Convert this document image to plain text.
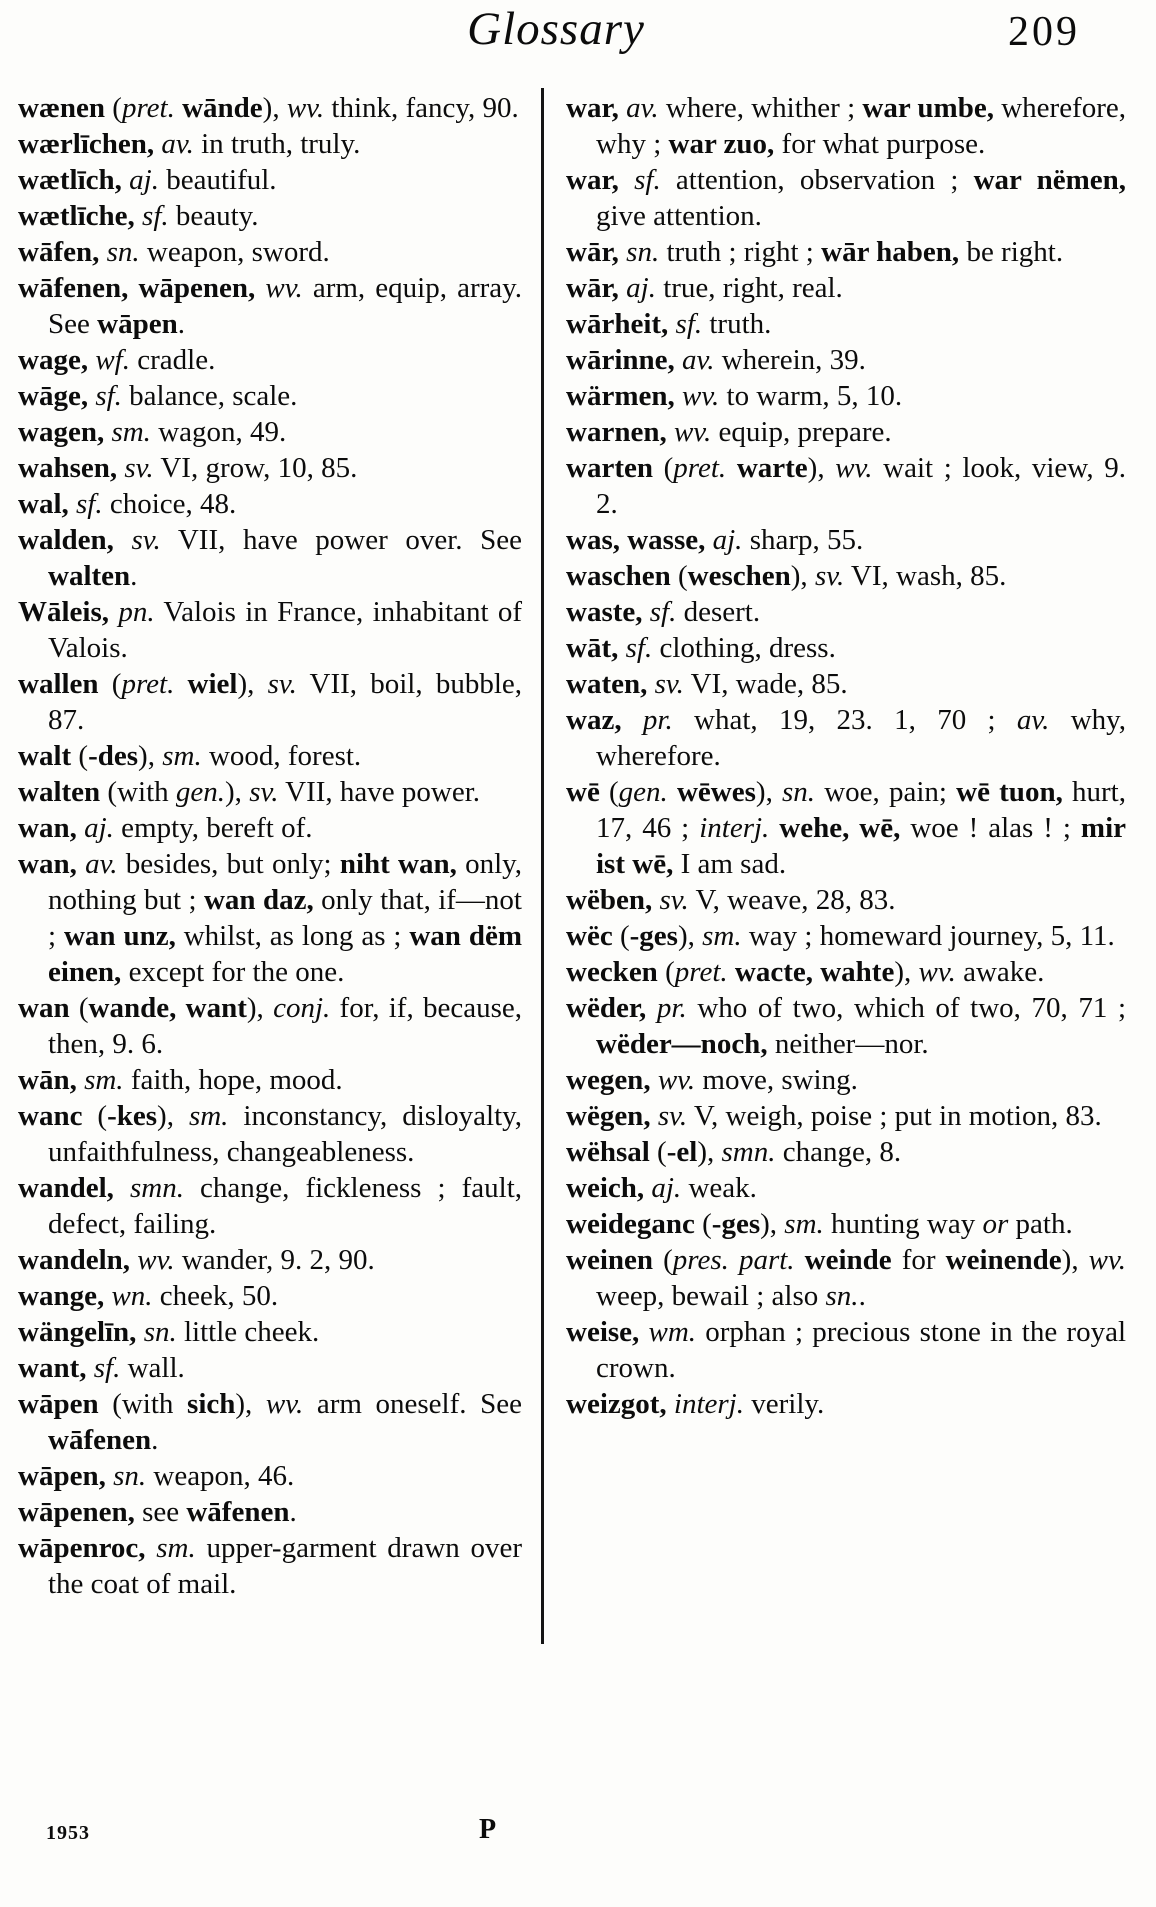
Glossary	209

wænen (pret. wānde), wv. think, fancy, 90.

wærlīchen, av. in truth, truly.

wætlīch, aj. beautiful.

wætlīche, sf. beauty.

wāfen, sn. weapon, sword.

wāfenen, wāpenen, wv. arm, equip, array. See wāpen.

wage, wf. cradle.

wāge, sf. balance, scale.

wagen, sm. wagon, 49.

wahsen, sv. VI, grow, 10, 85.

wal, sf. choice, 48.

walden, sv. VII, have power over. See walten.

Wāleis, pn. Valois in France, inhabitant of Valois.

wallen (pret. wiel), sv. VII, boil, bubble, 87.

walt (-des), sm. wood, forest.

walten (with gen.), sv. VII, have power.

wan, aj. empty, bereft of.

wan, av. besides, but only; niht wan, only, nothing but ; wan daz, only that, if—not ; wan unz, whilst, as long as ; wan dëm einen, except for the one.

wan (wande, want), conj. for, if, because, then, 9. 6.

wān, sm. faith, hope, mood.

wanc (-kes), sm. inconstancy, disloyalty, unfaithfulness, changeableness.

wandel, smn. change, fickleness ; fault, defect, failing.

wandeln, wv. wander, 9. 2, 90.

wange, wn. cheek, 50.

wängelīn, sn. little cheek.

want, sf. wall.

wāpen (with sich), wv. arm oneself. See wāfenen.

wāpen, sn. weapon, 46.

wāpenen, see wāfenen.

wāpenroc, sm. upper-garment drawn over the coat of mail.

war, av. where, whither ; war umbe, wherefore, why ; war zuo, for what purpose.

war, sf. attention, observation ; war nëmen, give attention.

wār, sn. truth ; right ; wār haben, be right.

wār, aj. true, right, real.

wārheit, sf. truth.

wārinne, av. wherein, 39.

wärmen, wv. to warm, 5, 10.

warnen, wv. equip, prepare.

warten (pret. warte), wv. wait ; look, view, 9. 2.

was, wasse, aj. sharp, 55.

waschen (weschen), sv. VI, wash, 85.

waste, sf. desert.

wāt, sf. clothing, dress.

waten, sv. VI, wade, 85.

waz, pr. what, 19, 23. 1, 70 ; av. why, wherefore.

wē (gen. wēwes), sn. woe, pain; wē tuon, hurt, 17, 46 ; interj. wehe, wē, woe ! alas ! ; mir ist wē, I am sad.

wëben, sv. V, weave, 28, 83.

wëc (-ges), sm. way ; homeward journey, 5, 11.

wecken (pret. wacte, wahte), wv. awake.

wëder, pr. who of two, which of two, 70, 71 ; wëder—noch, neither—nor.

wegen, wv. move, swing.

wëgen, sv. V, weigh, poise ; put in motion, 83.

wëhsal (-el), smn. change, 8.

weich, aj. weak.

weideganc (-ges), sm. hunting way or path.

weinen (pres. part. weinde for weinende), wv. weep, bewail ; also sn..

weise, wm. orphan ; precious stone in the royal crown.

weizgot, interj. verily.

1953	P
